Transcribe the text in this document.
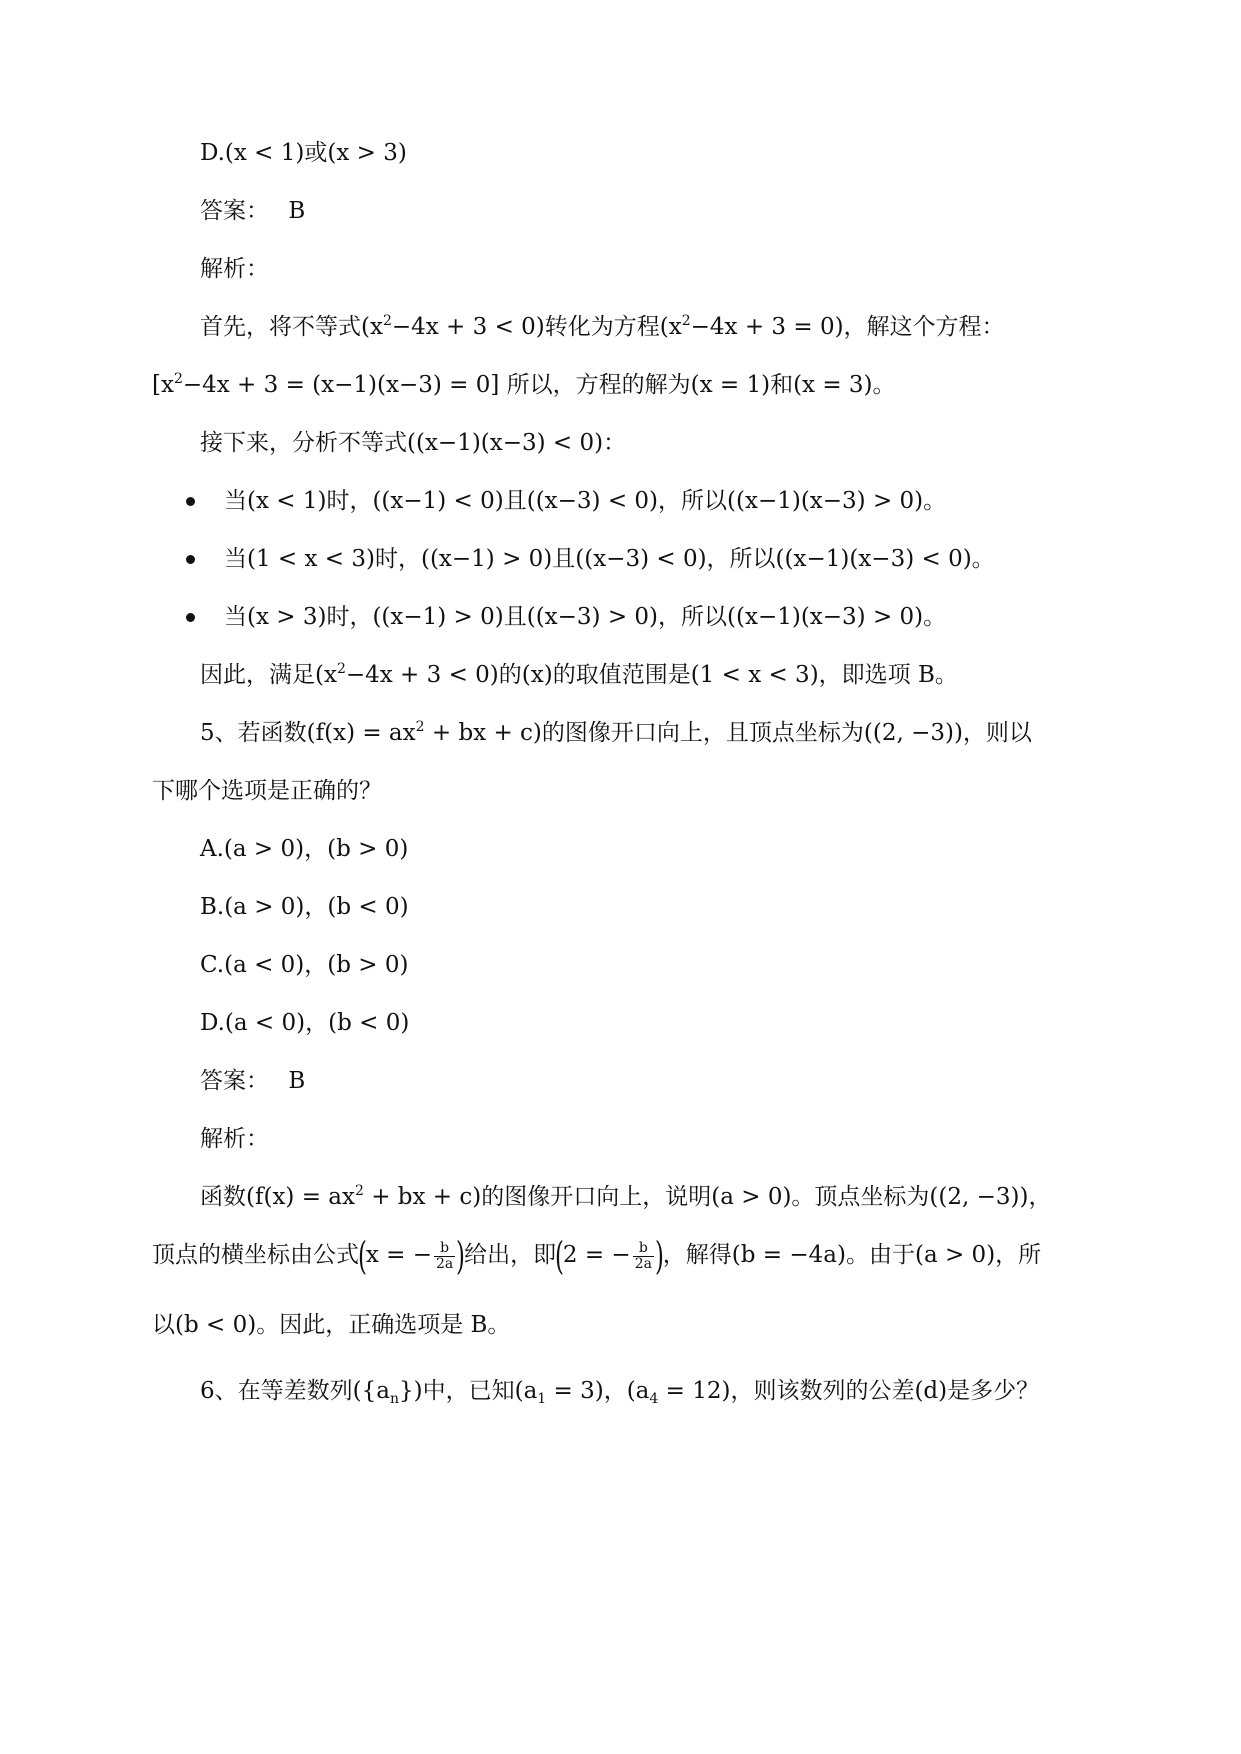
D.(x < 1)或(x > 3)
答案： B
解析：
首先，将不等式$(x^2-4x + 3 < 0)$转化为方程$(x^2-4x + 3 = 0)$，解这个方程：
$[x^2-4x + 3 = (x-1)(x-3) = 0]$ 所以，方程的解为(x = 1)和(x = 3)。
接下来，分析不等式((x−1)(x−3) < 0)：
当(x < 1)时，((x−1) < 0)且((x−3) < 0)，所以((x−1)(x−3) > 0)。
当(1 < x < 3)时，((x−1) > 0)且((x−3) < 0)，所以((x−1)(x−3) < 0)。
当(x > 3)时，((x−1) > 0)且((x−3) > 0)，所以((x−1)(x−3) > 0)。
因此，满足$(x^2-4x + 3 < 0)$的(x)的取值范围是(1 < x < 3)，即选项 B。
5、若函数($f(x) = ax^2$ + bx + c)的图像开口向上，且顶点坐标为((2, −3))，则以
下哪个选项是正确的？
A.(a > 0)，(b > 0)
B.(a > 0)，(b < 0)
C.(a < 0)，(b > 0)
D.(a < 0)，(b < 0)
答案： B
解析：
函数($f(x) = ax^2$ + bx + c)的图像开口向上，说明(a > 0)。顶点坐标为((2, −3))，
顶点的横坐标由公式(x = − $\frac{b}{2a}$ )给出，即(2 = − $\frac{b}{2a}$ )，解得(b = −4a)。由于(a > 0)，所
以(b < 0)。因此，正确选项是 B。
6、在等差数列$(\{a_n\})$中，已知$(a_1 = 3)$，$(a_4 = 12)$，则该数列的公差(d)是多少？
